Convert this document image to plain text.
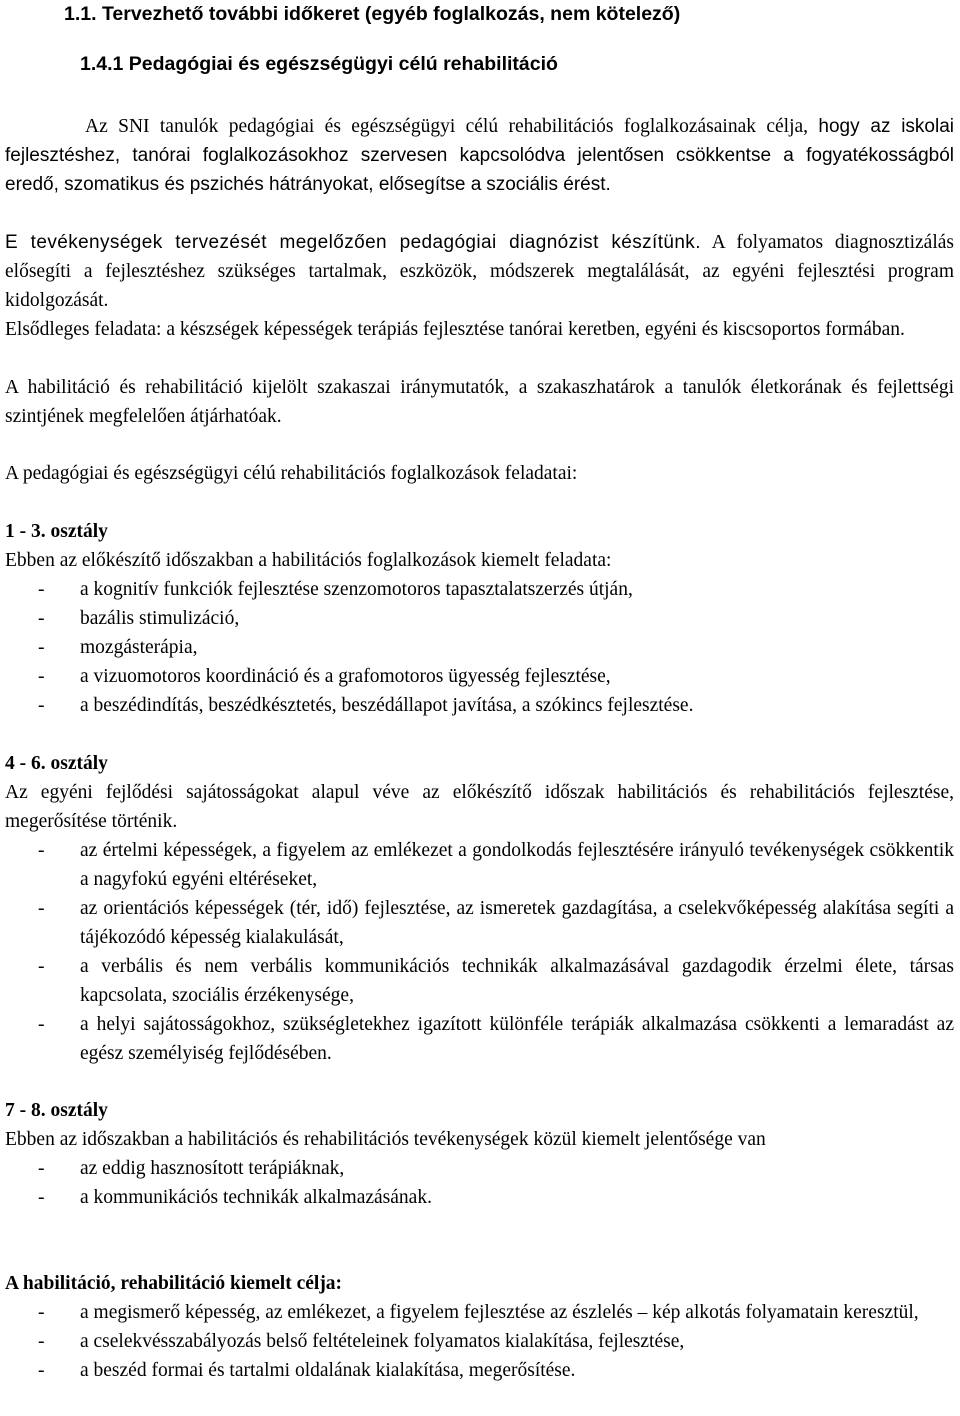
1.1. Tervezhető további időkeret (egyéb foglalkozás, nem kötelező)

1.4.1 Pedagógiai és egészségügyi célú rehabilitáció

Az SNI tanulók pedagógiai és egészségügyi célú rehabilitációs foglalkozásainak célja, hogy az iskolai fejlesztéshez, tanórai foglalkozásokhoz szervesen kapcsolódva jelentősen csökkentse a fogyatékosságból eredő, szomatikus és pszichés hátrányokat, elősegítse a szociális érést.

E tevékenységek tervezését megelőzően pedagógiai diagnózist készítünk. A folyamatos diagnosztizálás elősegíti a fejlesztéshez szükséges tartalmak, eszközök, módszerek megtalálását, az egyéni fejlesztési program kidolgozását.

Elsődleges feladata: a készségek képességek terápiás fejlesztése tanórai keretben, egyéni és kiscsoportos formában.

A habilitáció és rehabilitáció kijelölt szakaszai iránymutatók, a szakaszhatárok a tanulók életkorának és fejlettségi szintjének megfelelően átjárhatóak.

A pedagógiai és egészségügyi célú rehabilitációs foglalkozások feladatai:

1 - 3. osztály

Ebben az előkészítő időszakban a habilitációs foglalkozások kiemelt feladata:

- a kognitív funkciók fejlesztése szenzomotoros tapasztalatszerzés útján,
- bazális stimulizáció,
- mozgásterápia,
- a vizuomotoros koordináció és a grafomotoros ügyesség fejlesztése,
- a beszédindítás, beszédkésztetés, beszédállapot javítása, a szókincs fejlesztése.

4 - 6. osztály

Az egyéni fejlődési sajátosságokat alapul véve az előkészítő időszak habilitációs és rehabilitációs fejlesztése, megerősítése történik.

- az értelmi képességek, a figyelem az emlékezet a gondolkodás fejlesztésére irányuló tevékenységek csökkentik a nagyfokú egyéni eltéréseket,
- az orientációs képességek (tér, idő) fejlesztése, az ismeretek gazdagítása, a cselekvőképesség alakítása segíti a tájékozódó képesség kialakulását,
- a verbális és nem verbális kommunikációs technikák alkalmazásával gazdagodik érzelmi élete, társas kapcsolata, szociális érzékenysége,
- a helyi sajátosságokhoz, szükségletekhez igazított különféle terápiák alkalmazása csökkenti a lemaradást az egész személyiség fejlődésében.

7 - 8. osztály

Ebben az időszakban a habilitációs és rehabilitációs tevékenységek közül kiemelt jelentősége van

- az eddig hasznosított terápiáknak,
- a kommunikációs technikák alkalmazásának.

A habilitáció, rehabilitáció kiemelt célja:

- a megismerő képesség, az emlékezet, a figyelem fejlesztése az észlelés – kép alkotás folyamatain keresztül,
- a cselekvésszabályozás belső feltételeinek folyamatos kialakítása, fejlesztése,
- a beszéd formai és tartalmi oldalának kialakítása, megerősítése.
